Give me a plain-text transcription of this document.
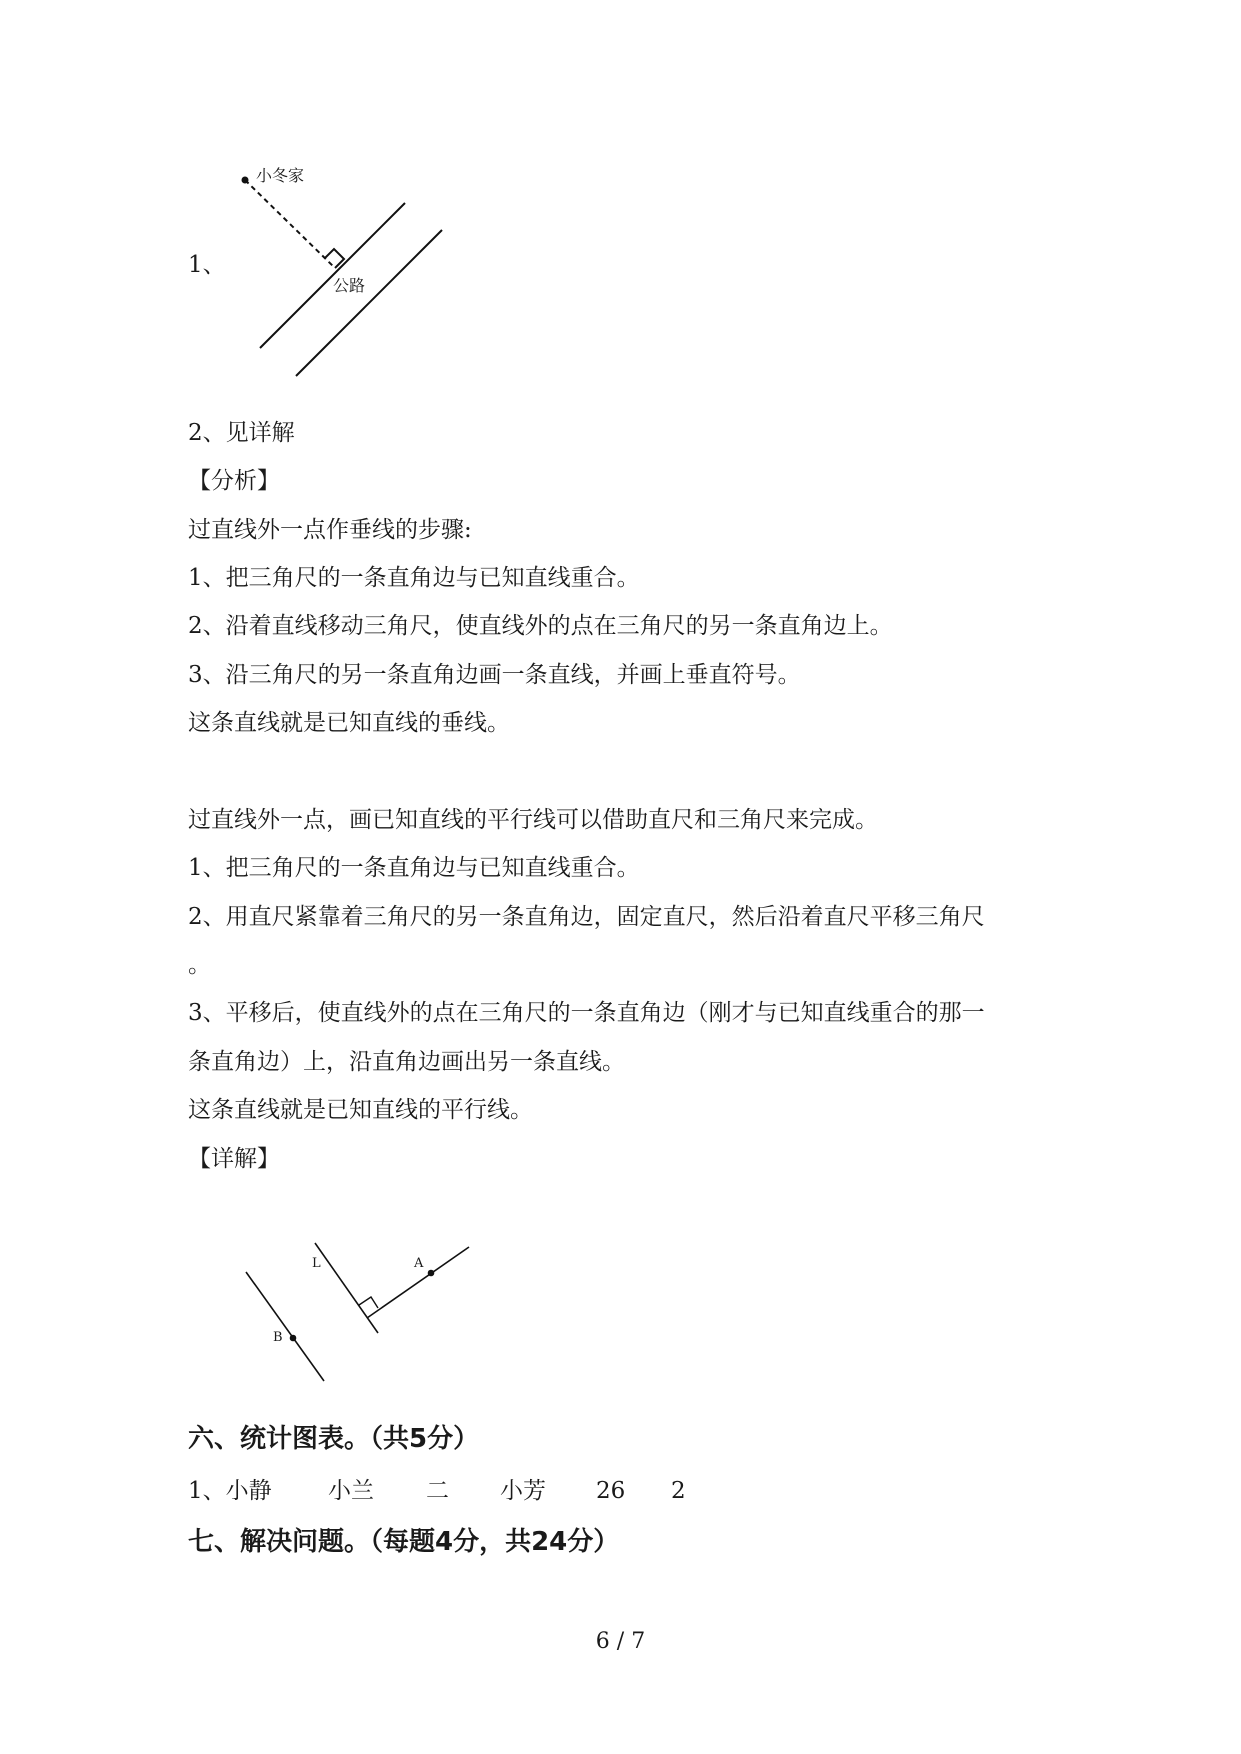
1、
小冬家
公路
2、见详解
【分析】
过直线外一点作垂线的步骤:
1、把三角尺的一条直角边与已知直线重合。
2、沿着直线移动三角尺，使直线外的点在三角尺的另一条直角边上。
3、沿三角尺的另一条直角边画一条直线，并画上垂直符号。
这条直线就是已知直线的垂线。
过直线外一点，画已知直线的平行线可以借助直尺和三角尺来完成。
1、把三角尺的一条直角边与已知直线重合。
2、用直尺紧靠着三角尺的另一条直角边，固定直尺，然后沿着直尺平移三角尺
。
3、平移后，使直线外的点在三角尺的一条直角边（刚才与已知直线重合的那一
条直角边）上，沿直角边画出另一条直线。
这条直线就是已知直线的平行线。
【详解】
L	A
B
六、统计图表。（共5分）
1、小静 小兰 二 小芳 26 2
七、解决问题。（每题4分，共24分）
6 / 7
